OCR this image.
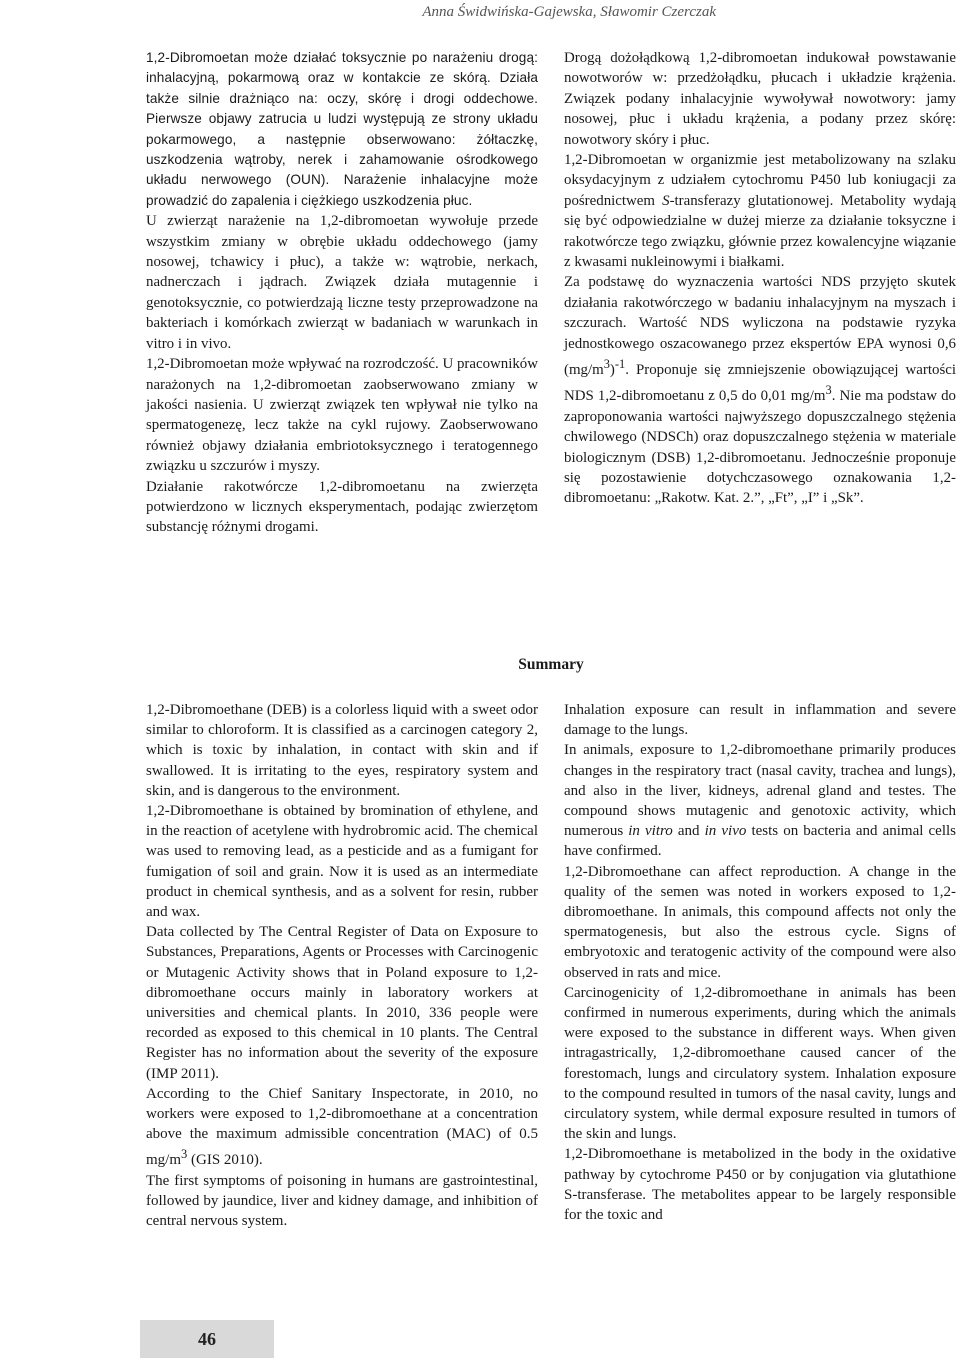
Anna Świdwińska-Gajewska, Sławomir Czerczak

1,2-Dibromoetan może działać toksycznie po narażeniu drogą: inhalacyjną, pokarmową oraz w kontakcie ze skórą. Działa także silnie drażniąco na: oczy, skórę i drogi oddechowe. Pierwsze objawy zatrucia u ludzi występują ze strony układu pokarmowego, a następnie obserwowano: żółtaczkę, uszkodzenia wątroby, nerek i zahamowanie ośrodkowego układu nerwowego (OUN). Narażenie inhalacyjne może prowadzić do zapalenia i ciężkiego uszkodzenia płuc.

U zwierząt narażenie na 1,2-dibromoetan wywołuje przede wszystkim zmiany w obrębie układu oddechowego (jamy nosowej, tchawicy i płuc), a także w: wątrobie, nerkach, nadnerczach i jądrach. Związek działa mutagennie i genotoksycznie, co potwierdzają liczne testy przeprowadzone na bakteriach i komórkach zwierząt w badaniach w warunkach in vitro i in vivo.

1,2-Dibromoetan może wpływać na rozrodczość. U pracowników narażonych na 1,2-dibromoetan zaobserwowano zmiany w jakości nasienia. U zwierząt związek ten wpływał nie tylko na spermatogenezę, lecz także na cykl rujowy. Zaobserwowano również objawy działania embriotoksycznego i teratogennego związku u szczurów i myszy.

Działanie rakotwórcze 1,2-dibromoetanu na zwierzęta potwierdzono w licznych eksperymentach, podając zwierzętom substancję różnymi drogami.

Drogą dożołądkową 1,2-dibromoetan indukował powstawanie nowotworów w: przedżołądku, płucach i układzie krążenia. Związek podany inhalacyjnie wywoływał nowotwory: jamy nosowej, płuc i układu krążenia, a podany przez skórę: nowotwory skóry i płuc.

1,2-Dibromoetan w organizmie jest metabolizowany na szlaku oksydacyjnym z udziałem cytochromu P450 lub koniugacji za pośrednictwem S-transferazy glutationowej. Metabolity wydają się być odpowiedzialne w dużej mierze za działanie toksyczne i rakotwórcze tego związku, głównie przez kowalencyjne wiązanie z kwasami nukleinowymi i białkami.

Za podstawę do wyznaczenia wartości NDS przyjęto skutek działania rakotwórczego w badaniu inhalacyjnym na myszach i szczurach. Wartość NDS wyliczona na podstawie ryzyka jednostkowego oszacowanego przez ekspertów EPA wynosi 0,6 $(mg/m^3)^{-1}$. Proponuje się zmniejszenie obowiązującej wartości NDS 1,2-dibromoetanu z 0,5 do 0,01 $mg/m^3$. Nie ma podstaw do zaproponowania wartości najwyższego dopuszczalnego stężenia chwilowego (NDSCh) oraz dopuszczalnego stężenia w materiale biologicznym (DSB) 1,2-dibromoetanu. Jednocześnie proponuje się pozostawienie dotychczasowego oznakowania 1,2-dibromoetanu: „Rakotw. Kat. 2.”, „Ft”, „I” i „Sk”.

Summary

1,2-Dibromoethane (DEB) is a colorless liquid with a sweet odor similar to chloroform. It is classified as a carcinogen category 2, which is toxic by inhalation, in contact with skin and if swallowed. It is irritating to the eyes, respiratory system and skin, and is dangerous to the environment.

1,2-Dibromoethane is obtained by bromination of ethylene, and in the reaction of acetylene with hydrobromic acid. The chemical was used to removing lead, as a pesticide and as a fumigant for fumigation of soil and grain. Now it is used as an intermediate product in chemical synthesis, and as a solvent for resin, rubber and wax.

Data collected by The Central Register of Data on Exposure to Substances, Preparations, Agents or Processes with Carcinogenic or Mutagenic Activity shows that in Poland exposure to 1,2-dibromoethane occurs mainly in laboratory workers at universities and chemical plants. In 2010, 336 people were recorded as exposed to this chemical in 10 plants. The Central Register has no information about the severity of the exposure (IMP 2011).

According to the Chief Sanitary Inspectorate, in 2010, no workers were exposed to 1,2-dibromoethane at a concentration above the maximum admissible concentration (MAC) of 0.5 $mg/m^3$ (GIS 2010).

The first symptoms of poisoning in humans are gastrointestinal, followed by jaundice, liver and kidney damage, and inhibition of central nervous system.

Inhalation exposure can result in inflammation and severe damage to the lungs.

In animals, exposure to 1,2-dibromoethane primarily produces changes in the respiratory tract (nasal cavity, trachea and lungs), and also in the liver, kidneys, adrenal gland and testes. The compound shows mutagenic and genotoxic activity, which numerous in vitro and in vivo tests on bacteria and animal cells have confirmed.

1,2-Dibromoethane can affect reproduction. A change in the quality of the semen was noted in workers exposed to 1,2-dibromoethane. In animals, this compound affects not only the spermatogenesis, but also the estrous cycle. Signs of embryotoxic and teratogenic activity of the compound were also observed in rats and mice.

Carcinogenicity of 1,2-dibromoethane in animals has been confirmed in numerous experiments, during which the animals were exposed to the substance in different ways. When given intragastrically, 1,2-dibromoethane caused cancer of the forestomach, lungs and circulatory system. Inhalation exposure to the compound resulted in tumors of the nasal cavity, lungs and circulatory system, while dermal exposure resulted in tumors of the skin and lungs.

1,2-Dibromoethane is metabolized in the body in the oxidative pathway by cytochrome P450 or by conjugation via glutathione S-transferase. The metabolites appear to be largely responsible for the toxic and

46
